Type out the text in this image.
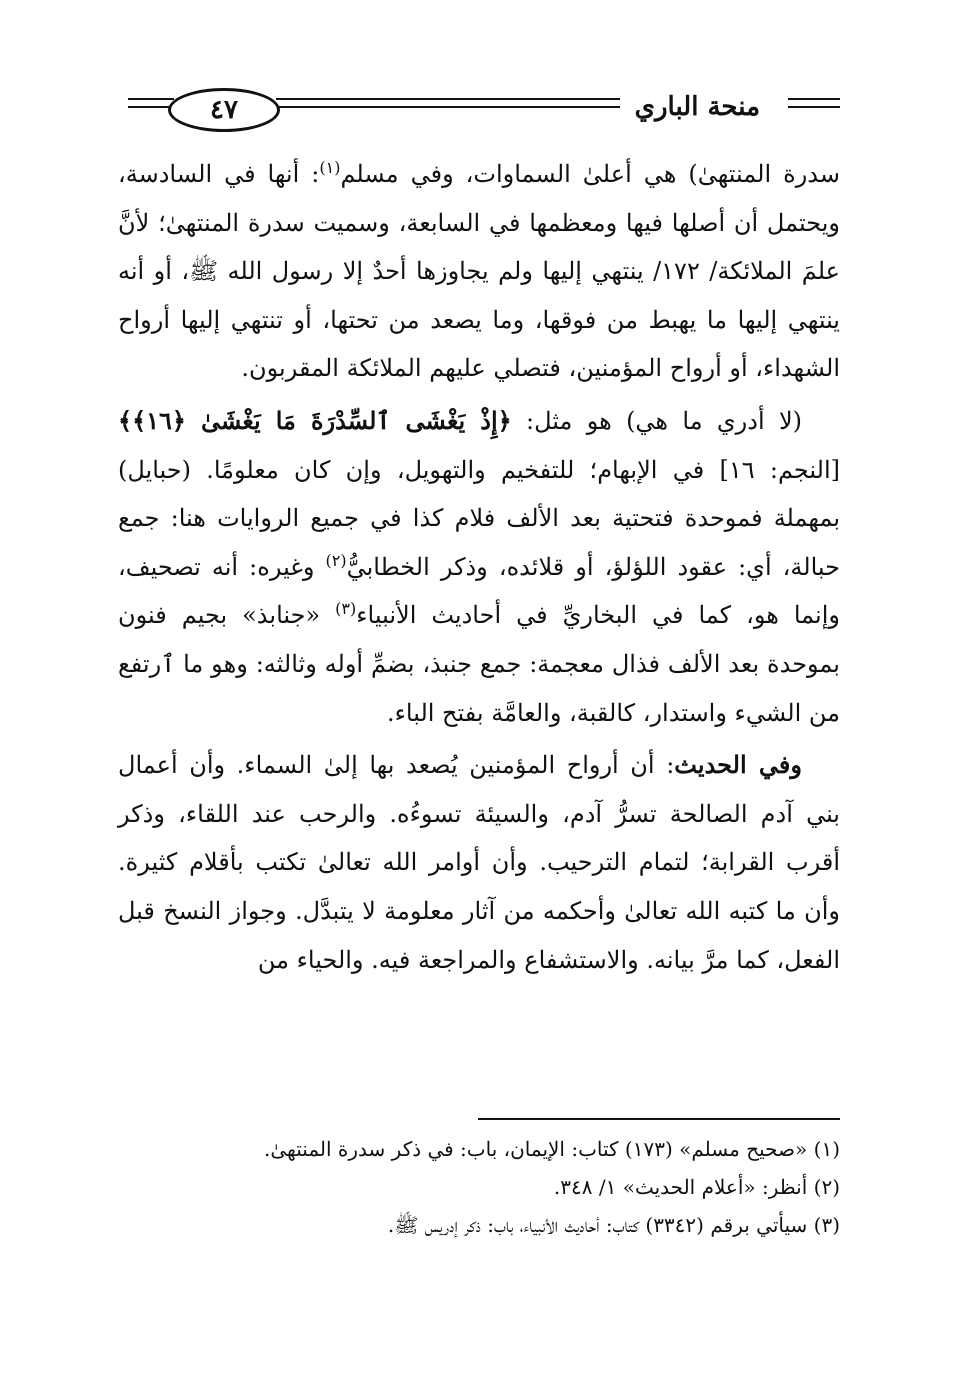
٤٧	منحة الباري

سدرة المنتهىٰ) هي أعلىٰ السماوات، وفي مسلم$^{(١)}$: أنها في السادسة، ويحتمل أن أصلها فيها ومعظمها في السابعة، وسميت سدرة المنتهىٰ؛ لأنَّ علمَ الملائكة/ ١٧٢/ ينتهي إليها ولم يجاوزها أحدٌ إلا رسول الله ﷺ، أو أنه ينتهي إليها ما يهبط من فوقها، وما يصعد من تحتها، أو تنتهي إليها أرواح الشهداء، أو أرواح المؤمنين، فتصلي عليهم الملائكة المقربون.

(لا أدري ما هي) هو مثل: ﴿إِذْ يَغْشَى ٱلسِّدْرَةَ مَا يَغْشَىٰ ﴿١٦﴾﴾ [النجم: ١٦] في الإبهام؛ للتفخيم والتهويل، وإن كان معلومًا. (حبايل) بمهملة فموحدة فتحتية بعد الألف فلام كذا في جميع الروايات هنا: جمع حبالة، أي: عقود اللؤلؤ، أو قلائده، وذكر الخطابيُّ$^{(٢)}$ وغيره: أنه تصحيف، وإنما هو، كما في البخاريِّ في أحاديث الأنبياء$^{(٣)}$ «جنابذ» بجيم فنون بموحدة بعد الألف فذال معجمة: جمع جنبذ، بضمِّ أوله وثالثه: وهو ما ٱرتفع من الشيء واستدار، كالقبة، والعامَّة بفتح الباء.

وفي الحديث: أن أرواح المؤمنين يُصعد بها إلىٰ السماء. وأن أعمال بني آدم الصالحة تسرُّ آدم، والسيئة تسوءُه. والرحب عند اللقاء، وذكر أقرب القرابة؛ لتمام الترحيب. وأن أوامر الله تعالىٰ تكتب بأقلام كثيرة. وأن ما كتبه الله تعالىٰ وأحكمه من آثار معلومة لا يتبدَّل. وجواز النسخ قبل الفعل، كما مرَّ بيانه. والاستشفاع والمراجعة فيه. والحياء من

(١) «صحيح مسلم» (١٧٣) كتاب: الإيمان، باب: في ذكر سدرة المنتهىٰ.

(٢) أنظر: «أعلام الحديث» ١/ ٣٤٨.

(٣) سيأتي برقم (٣٣٤٢) كتاب: أحاديث الأنبياء، باب: ذكر إدريس ﷺ.
